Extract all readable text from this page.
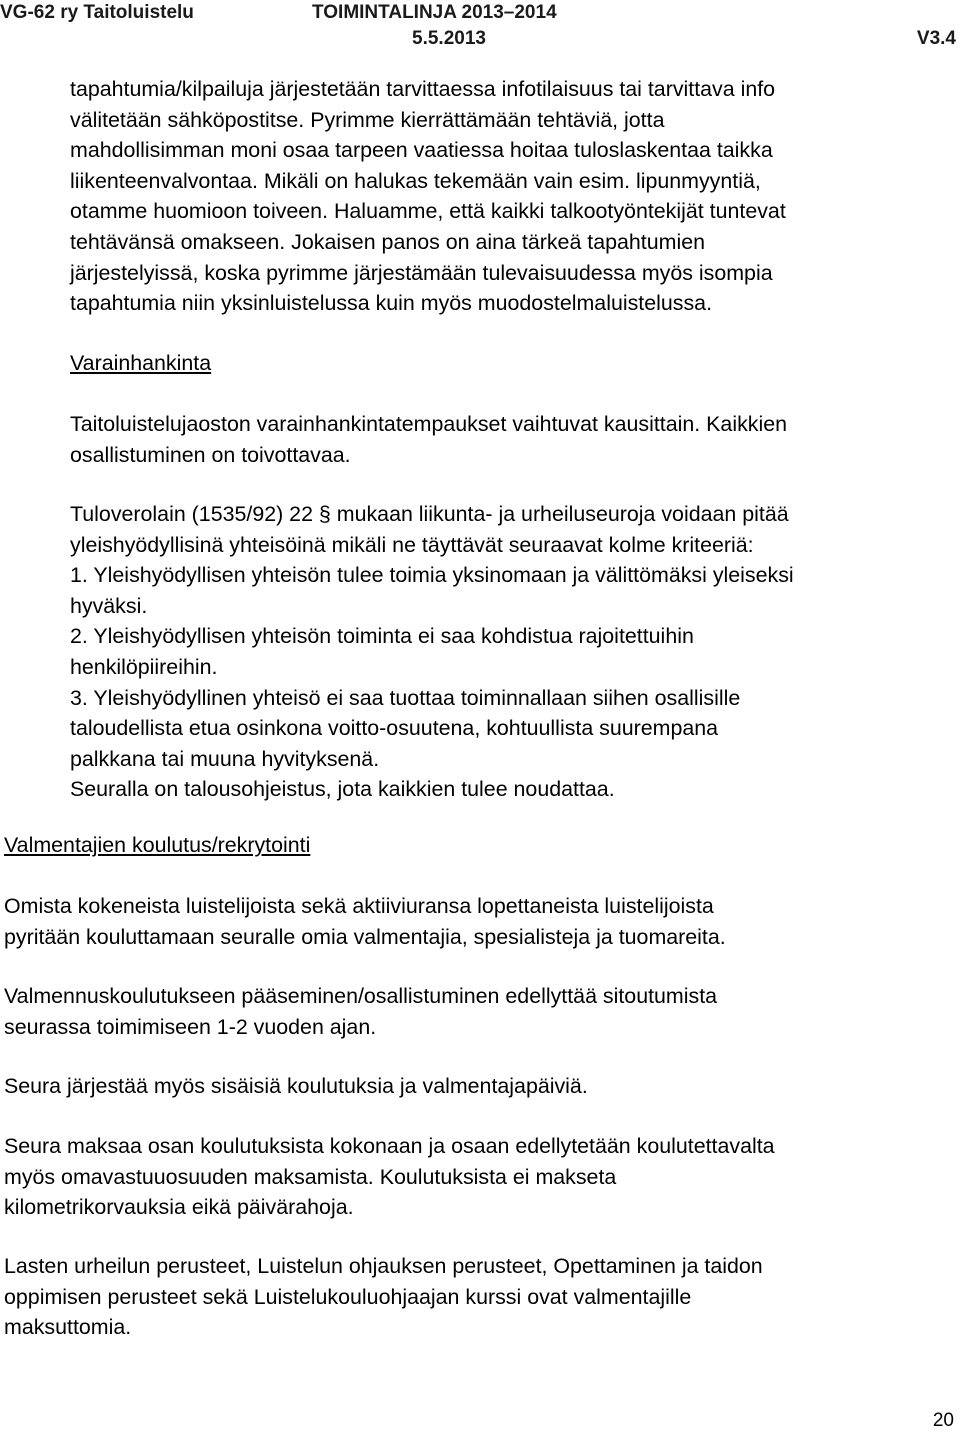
VG-62 ry Taitoluistelu	TOIMINTALINJA 2013–2014
5.5.2013	V3.4

tapahtumia/kilpailuja järjestetään tarvittaessa infotilaisuus tai tarvittava info
välitetään sähköpostitse. Pyrimme kierrättämään tehtäviä, jotta
mahdollisimman moni osaa tarpeen vaatiessa hoitaa tuloslaskentaa taikka
liikenteenvalvontaa. Mikäli on halukas tekemään vain esim. lipunmyyntiä,
otamme huomioon toiveen. Haluamme, että kaikki talkootyöntekijät tuntevat
tehtävänsä omakseen. Jokaisen panos on aina tärkeä tapahtumien
järjestelyissä, koska pyrimme järjestämään tulevaisuudessa myös isompia
tapahtumia niin yksinluistelussa kuin myös muodostelmaluistelussa.

Varainhankinta

Taitoluistelujaoston varainhankintatempaukset vaihtuvat kausittain. Kaikkien
osallistuminen on toivottavaa.

Tuloverolain (1535/92) 22 § mukaan liikunta- ja urheiluseuroja voidaan pitää
yleishyödyllisinä yhteisöinä mikäli ne täyttävät seuraavat kolme kriteeriä:
1. Yleishyödyllisen yhteisön tulee toimia yksinomaan ja välittömäksi yleiseksi
hyväksi.
2. Yleishyödyllisen yhteisön toiminta ei saa kohdistua rajoitettuihin
henkilöpiireihin.
3. Yleishyödyllinen yhteisö ei saa tuottaa toiminnallaan siihen osallisille
taloudellista etua osinkona voitto-osuutena, kohtuullista suurempana
palkkana tai muuna hyvityksenä.
Seuralla on talousohjeistus, jota kaikkien tulee noudattaa.

Valmentajien koulutus/rekrytointi

Omista kokeneista luistelijoista sekä aktiiviuransa lopettaneista luistelijoista
pyritään kouluttamaan seuralle omia valmentajia, spesialisteja ja tuomareita.

Valmennuskoulutukseen pääseminen/osallistuminen edellyttää sitoutumista
seurassa toimimiseen 1-2 vuoden ajan.

Seura järjestää myös sisäisiä koulutuksia ja valmentajapäiviä.

Seura maksaa osan koulutuksista kokonaan ja osaan edellytetään koulutettavalta
myös omavastuuosuuden maksamista. Koulutuksista ei makseta
kilometrikorvauksia eikä päivärahoja.

Lasten urheilun perusteet, Luistelun ohjauksen perusteet, Opettaminen ja taidon
oppimisen perusteet sekä Luistelukouluohjaajan kurssi ovat valmentajille
maksuttomia.

20
